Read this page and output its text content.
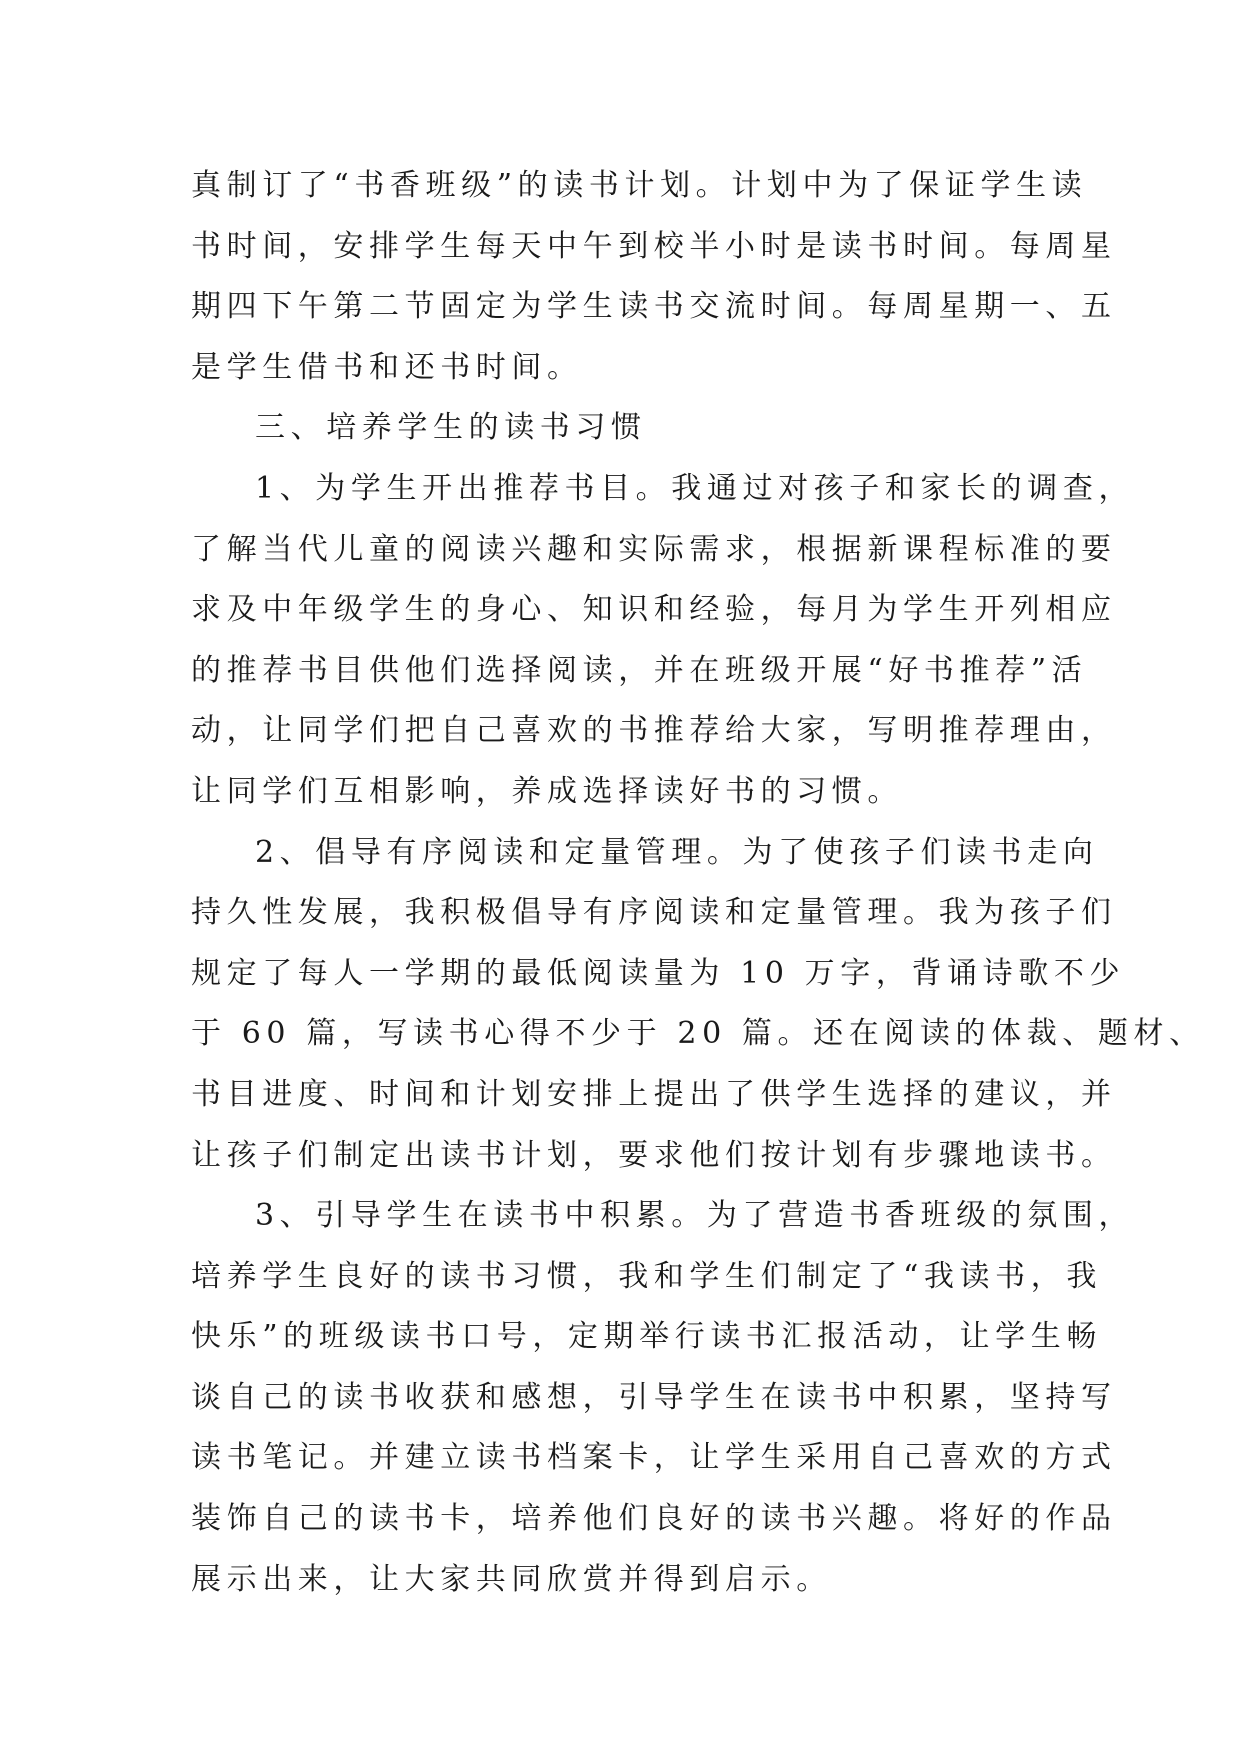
真制订了“书香班级”的读书计划。计划中为了保证学生读
书时间，安排学生每天中午到校半小时是读书时间。每周星
期四下午第二节固定为学生读书交流时间。每周星期一、五
是学生借书和还书时间。
三、培养学生的读书习惯
1、为学生开出推荐书目。我通过对孩子和家长的调查，
了解当代儿童的阅读兴趣和实际需求，根据新课程标准的要
求及中年级学生的身心、知识和经验，每月为学生开列相应
的推荐书目供他们选择阅读，并在班级开展“好书推荐”活
动，让同学们把自己喜欢的书推荐给大家，写明推荐理由，
让同学们互相影响，养成选择读好书的习惯。
2、倡导有序阅读和定量管理。为了使孩子们读书走向
持久性发展，我积极倡导有序阅读和定量管理。我为孩子们
规定了每人一学期的最低阅读量为 10 万字，背诵诗歌不少
于 60 篇，写读书心得不少于 20 篇。还在阅读的体裁、题材、
书目进度、时间和计划安排上提出了供学生选择的建议，并
让孩子们制定出读书计划，要求他们按计划有步骤地读书。
3、引导学生在读书中积累。为了营造书香班级的氛围，
培养学生良好的读书习惯，我和学生们制定了“我读书，我
快乐”的班级读书口号，定期举行读书汇报活动，让学生畅
谈自己的读书收获和感想，引导学生在读书中积累，坚持写
读书笔记。并建立读书档案卡，让学生采用自己喜欢的方式
装饰自己的读书卡，培养他们良好的读书兴趣。将好的作品
展示出来，让大家共同欣赏并得到启示。
